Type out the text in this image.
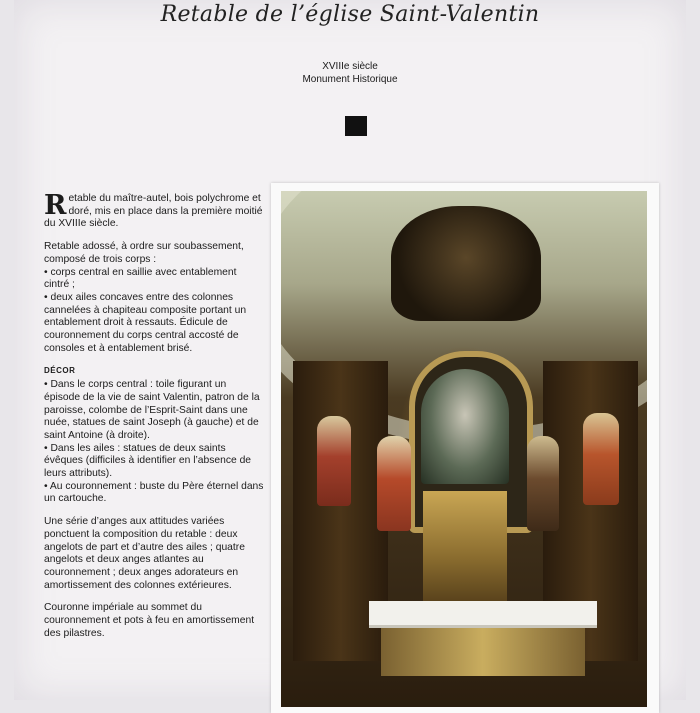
Retable de l’église Saint-Valentin
XVIIIe siècle
Monument Historique

Retable du maître-autel, bois polychrome et doré, mis en place dans la première moitié du XVIIIe siècle.

Retable adossé, à ordre sur soubassement, composé de trois corps :

• corps central en saillie avec entablement cintré ;
• deux ailes concaves entre des colonnes cannelées à chapiteau composite portant un entablement droit à ressauts. Édicule de couronnement du corps central accosté de consoles et à entablement brisé.
DÉCOR
• Dans le corps central : toile figurant un épisode de la vie de saint Valentin, patron de la paroisse, colombe de l’Esprit-Saint dans une nuée, statues de saint Joseph (à gauche) et de saint Antoine (à droite).
• Dans les ailes : statues de deux saints évêques (difficiles à identifier en l’absence de leurs attributs).
• Au couronnement : buste du Père éternel dans un cartouche.

Une série d’anges aux attitudes variées ponctuent la composition du retable : deux angelots de part et d’autre des ailes ; quatre angelots et deux anges atlantes au couronnement ; deux anges adorateurs en amortissement des colonnes extérieures.

Couronne impériale au sommet du couronnement et pots à feu en amortissement des pilastres.
